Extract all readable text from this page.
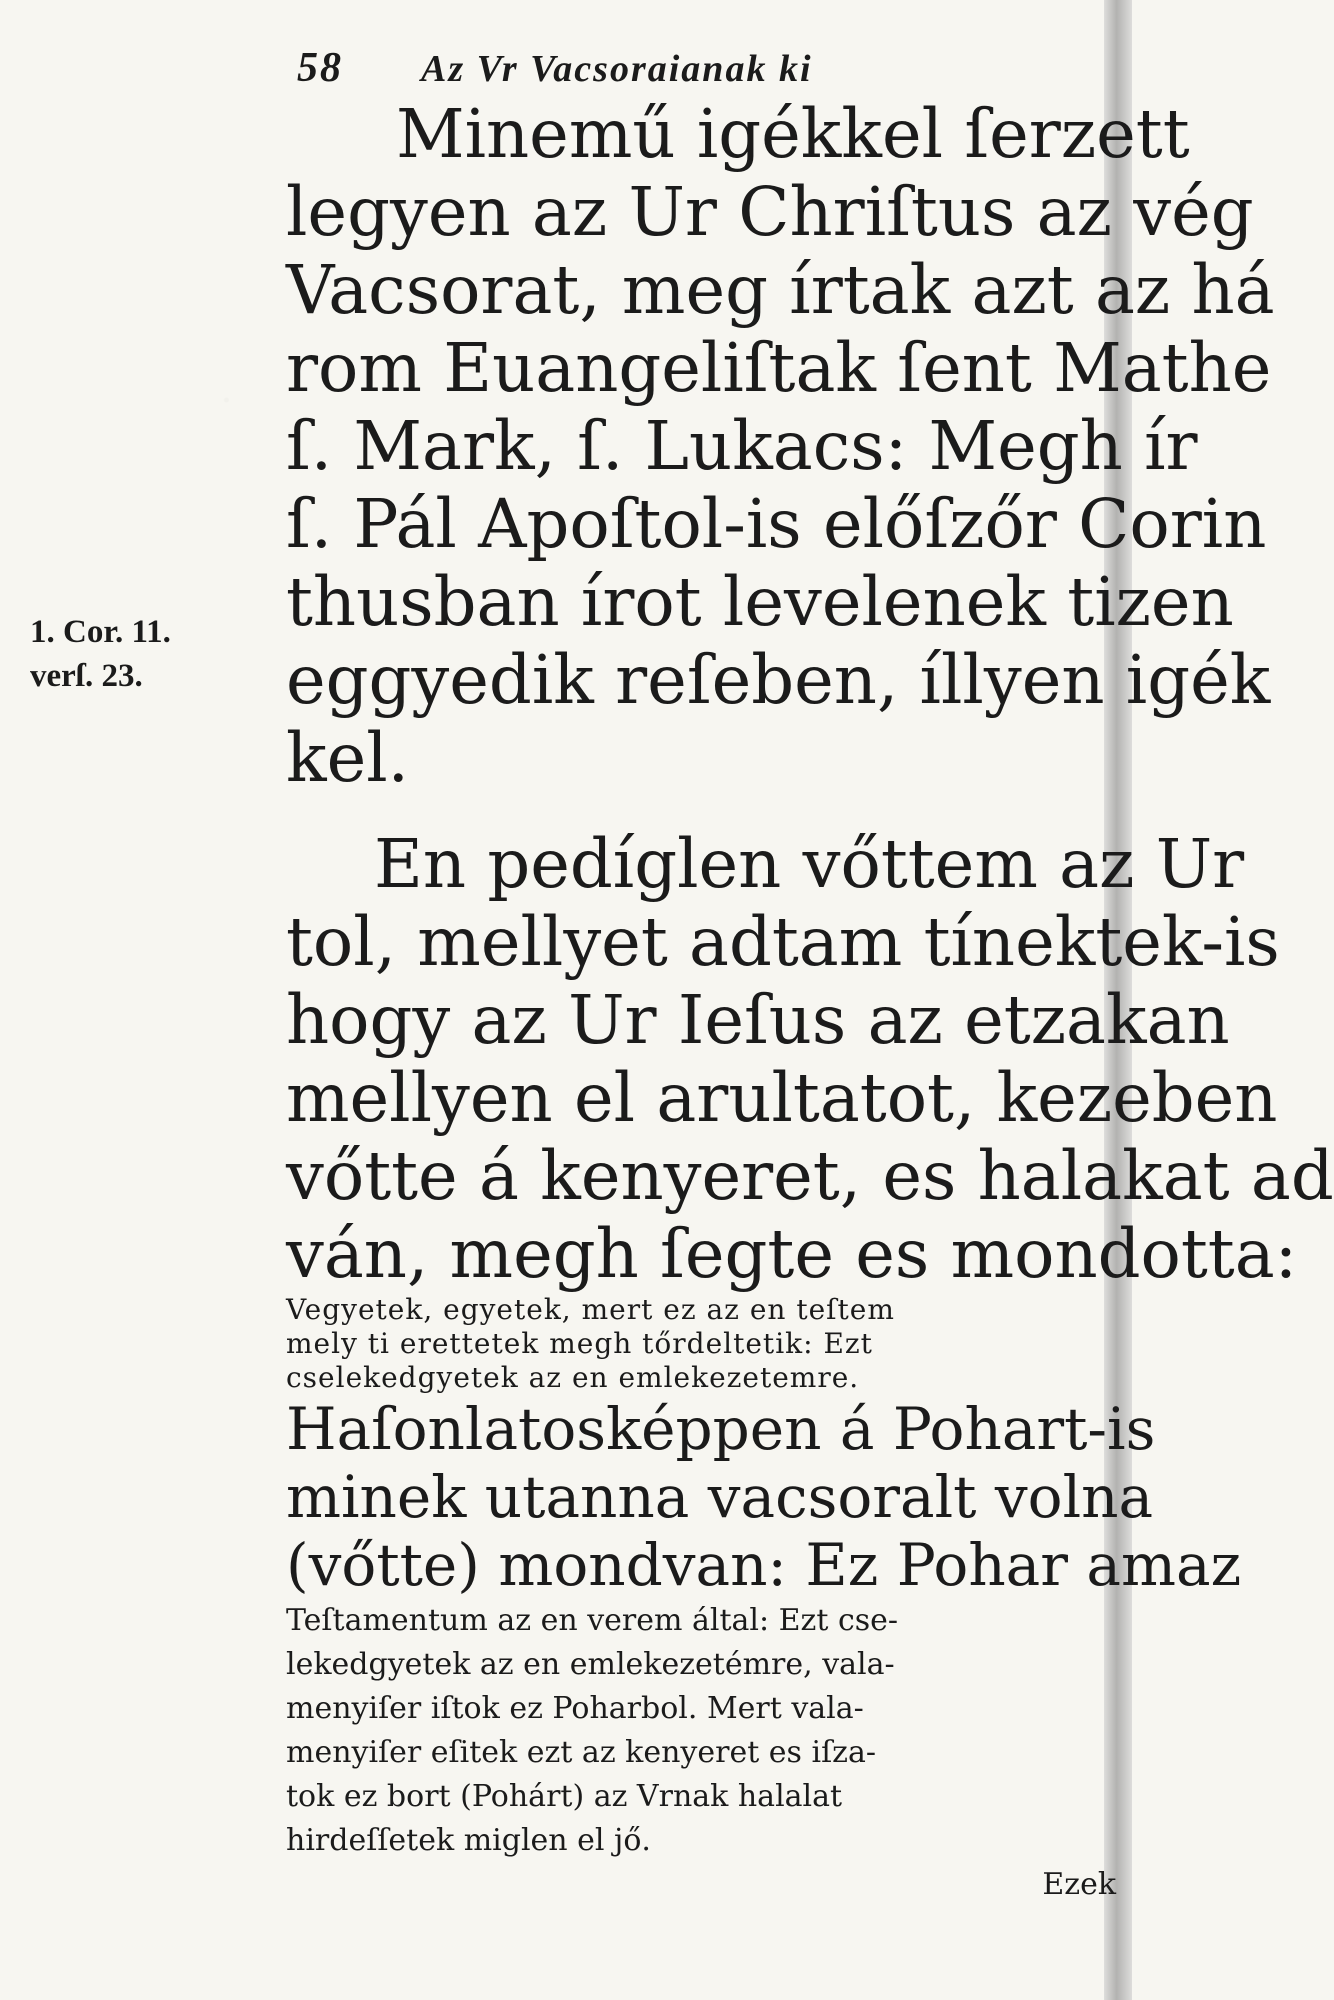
58 Az Vr Vacsoraianak ki
1. Cor. 11.
verſ. 23.
Minemű igékkel ſerzett
legyen az Ur Chriſtus az vég
Vacsorat, meg írtak azt az há
rom Euangeliſtak ſent Mathe
ſ. Mark, ſ. Lukacs: Megh ír
ſ. Pál Apoſtol-is előſzőr Corin
thusban írot levelenek tizen
eggyedik reſeben, íllyen igék
kel.
En pedíglen vőttem az Ur
tol, mellyet adtam tínektek-is
hogy az Ur Ieſus az etzakan
mellyen el arultatot, kezeben
vőtte á kenyeret, es halakat ad
ván, megh ſegte es mondotta:
Vegyetek, egyetek, mert ez az en teſtem
mely ti erettetek megh tőrdeltetik: Ezt
cselekedgyetek az en emlekezetemre.
Haſonlatosképpen á Pohart-is
minek utanna vacsoralt volna
(vőtte) mondvan: Ez Pohar amaz
Teſtamentum az en verem által: Ezt cse-
lekedgyetek az en emlekezetémre, vala-
menyiſer iſtok ez Poharbol. Mert vala-
menyiſer eſitek ezt az kenyeret es iſza-
tok ez bort (Pohárt) az Vrnak halalat
hirdeſſetek miglen el jő.
Ezek
